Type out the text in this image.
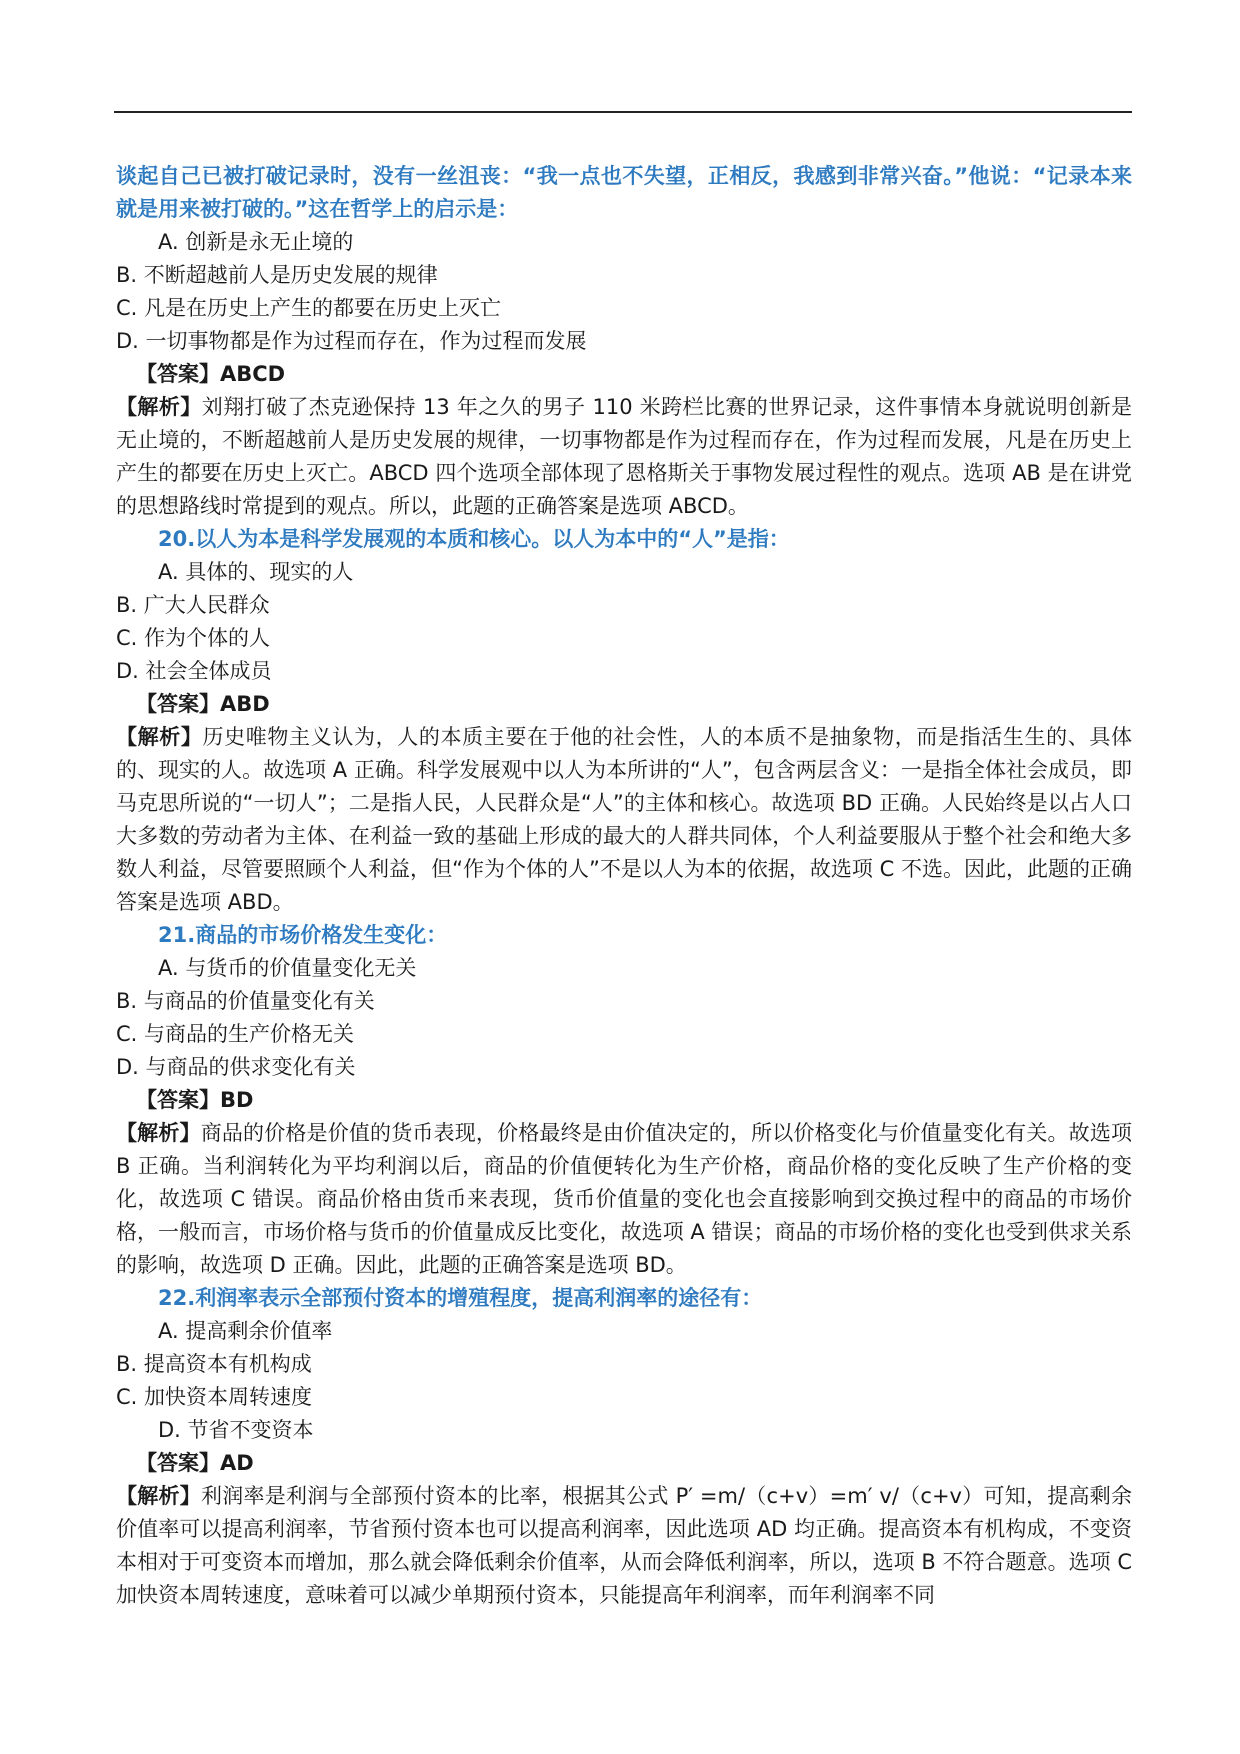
谈起自己已被打破记录时，没有一丝沮丧：“我一点也不失望，正相反，我感到非常兴奋。”他说：“记录本来就是用来被打破的。”这在哲学上的启示是：

A. 创新是永无止境的

B. 不断超越前人是历史发展的规律

C. 凡是在历史上产生的都要在历史上灭亡

D. 一切事物都是作为过程而存在，作为过程而发展

【答案】ABCD

【解析】刘翔打破了杰克逊保持 13 年之久的男子 110 米跨栏比赛的世界记录，这件事情本身就说明创新是无止境的，不断超越前人是历史发展的规律，一切事物都是作为过程而存在，作为过程而发展，凡是在历史上产生的都要在历史上灭亡。ABCD 四个选项全部体现了恩格斯关于事物发展过程性的观点。选项 AB 是在讲党的思想路线时常提到的观点。所以，此题的正确答案是选项 ABCD。

20.以人为本是科学发展观的本质和核心。以人为本中的“人”是指：

A. 具体的、现实的人

B. 广大人民群众

C. 作为个体的人

D. 社会全体成员

【答案】ABD

【解析】历史唯物主义认为，人的本质主要在于他的社会性，人的本质不是抽象物，而是指活生生的、具体的、现实的人。故选项 A 正确。科学发展观中以人为本所讲的“人”，包含两层含义：一是指全体社会成员，即马克思所说的“一切人”；二是指人民，人民群众是“人”的主体和核心。故选项 BD 正确。人民始终是以占人口大多数的劳动者为主体、在利益一致的基础上形成的最大的人群共同体，个人利益要服从于整个社会和绝大多数人利益，尽管要照顾个人利益，但“作为个体的人”不是以人为本的依据，故选项 C 不选。因此，此题的正确答案是选项 ABD。

21.商品的市场价格发生变化：

A. 与货币的价值量变化无关

B. 与商品的价值量变化有关

C. 与商品的生产价格无关

D. 与商品的供求变化有关

【答案】BD

【解析】商品的价格是价值的货币表现，价格最终是由价值决定的，所以价格变化与价值量变化有关。故选项 B 正确。当利润转化为平均利润以后，商品的价值便转化为生产价格，商品价格的变化反映了生产价格的变化，故选项 C 错误。商品价格由货币来表现，货币价值量的变化也会直接影响到交换过程中的商品的市场价格，一般而言，市场价格与货币的价值量成反比变化，故选项 A 错误；商品的市场价格的变化也受到供求关系的影响，故选项 D 正确。因此，此题的正确答案是选项 BD。

22.利润率表示全部预付资本的增殖程度，提高利润率的途径有：

A. 提高剩余价值率

B. 提高资本有机构成

C. 加快资本周转速度

D. 节省不变资本

【答案】AD

【解析】利润率是利润与全部预付资本的比率，根据其公式 P′ =m/（c+v）=m′ v/（c+v）可知，提高剩余价值率可以提高利润率，节省预付资本也可以提高利润率，因此选项 AD 均正确。提高资本有机构成，不变资本相对于可变资本而增加，那么就会降低剩余价值率，从而会降低利润率，所以，选项 B 不符合题意。选项 C 加快资本周转速度，意味着可以减少单期预付资本，只能提高年利润率，而年利润率不同
